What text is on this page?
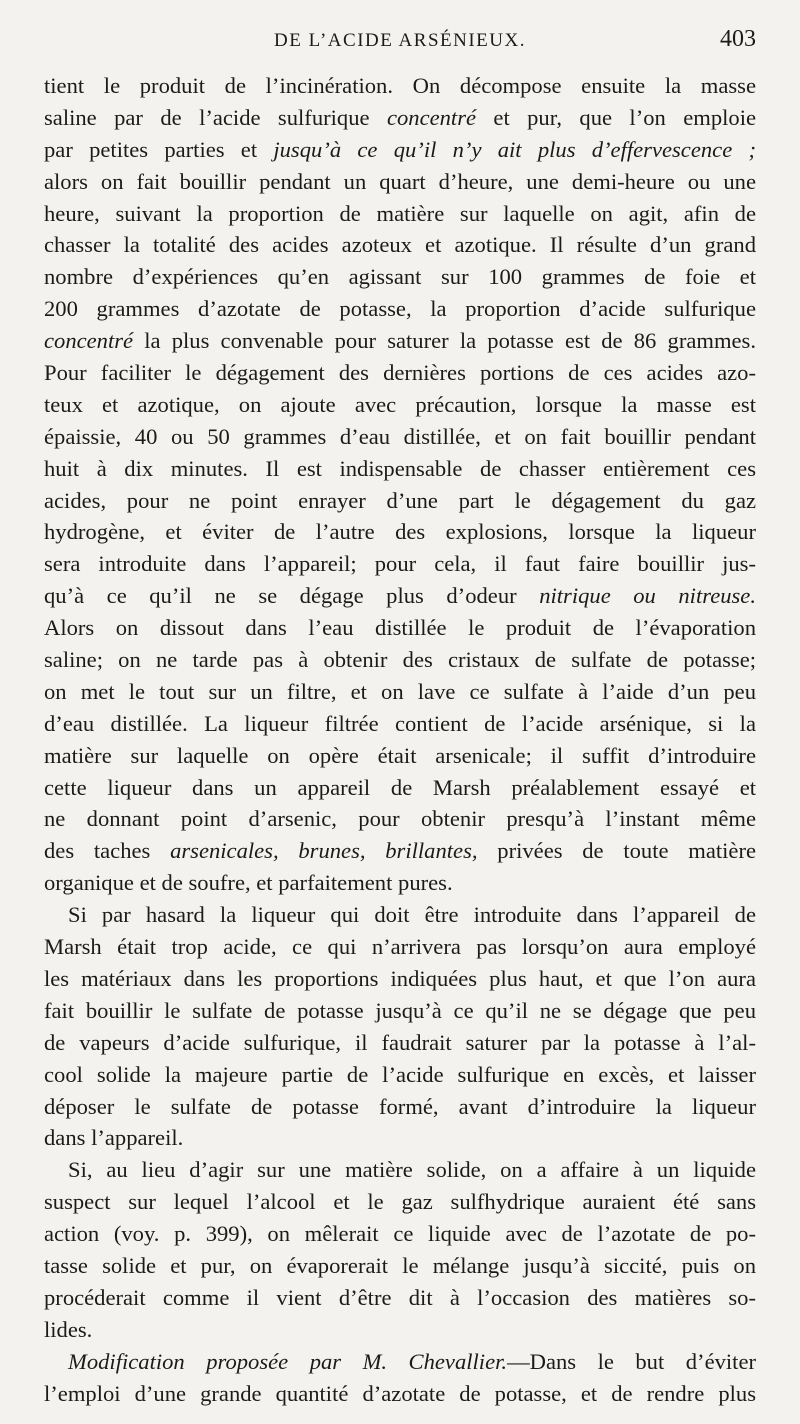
DE L’ACIDE ARSÉNIEUX.	403
tient le produit de l’incinération. On décompose ensuite la masse
saline par de l’acide sulfurique concentré et pur, que l’on emploie
par petites parties et jusqu’à ce qu’il n’y ait plus d’effervescence ;
alors on fait bouillir pendant un quart d’heure, une demi-heure ou une
heure, suivant la proportion de matière sur laquelle on agit, afin de
chasser la totalité des acides azoteux et azotique. Il résulte d’un grand
nombre d’expériences qu’en agissant sur 100 grammes de foie et
200 grammes d’azotate de potasse, la proportion d’acide sulfurique
concentré la plus convenable pour saturer la potasse est de 86 grammes.
Pour faciliter le dégagement des dernières portions de ces acides azo-
teux et azotique, on ajoute avec précaution, lorsque la masse est
épaissie, 40 ou 50 grammes d’eau distillée, et on fait bouillir pendant
huit à dix minutes. Il est indispensable de chasser entièrement ces
acides, pour ne point enrayer d’une part le dégagement du gaz
hydrogène, et éviter de l’autre des explosions, lorsque la liqueur
sera introduite dans l’appareil; pour cela, il faut faire bouillir jus-
qu’à ce qu’il ne se dégage plus d’odeur nitrique ou nitreuse.
Alors on dissout dans l’eau distillée le produit de l’évaporation
saline; on ne tarde pas à obtenir des cristaux de sulfate de potasse;
on met le tout sur un filtre, et on lave ce sulfate à l’aide d’un peu
d’eau distillée. La liqueur filtrée contient de l’acide arsénique, si la
matière sur laquelle on opère était arsenicale; il suffit d’introduire
cette liqueur dans un appareil de Marsh préalablement essayé et
ne donnant point d’arsenic, pour obtenir presqu’à l’instant même
des taches arsenicales, brunes, brillantes, privées de toute matière
organique et de soufre, et parfaitement pures.
Si par hasard la liqueur qui doit être introduite dans l’appareil de
Marsh était trop acide, ce qui n’arrivera pas lorsqu’on aura employé
les matériaux dans les proportions indiquées plus haut, et que l’on aura
fait bouillir le sulfate de potasse jusqu’à ce qu’il ne se dégage que peu
de vapeurs d’acide sulfurique, il faudrait saturer par la potasse à l’al-
cool solide la majeure partie de l’acide sulfurique en excès, et laisser
déposer le sulfate de potasse formé, avant d’introduire la liqueur
dans l’appareil.
Si, au lieu d’agir sur une matière solide, on a affaire à un liquide
suspect sur lequel l’alcool et le gaz sulfhydrique auraient été sans
action (voy. p. 399), on mêlerait ce liquide avec de l’azotate de po-
tasse solide et pur, on évaporerait le mélange jusqu’à siccité, puis on
procéderait comme il vient d’être dit à l’occasion des matières so-
lides.
Modification proposée par M. Chevallier.—Dans le but d’éviter
l’emploi d’une grande quantité d’azotate de potasse, et de rendre plus
